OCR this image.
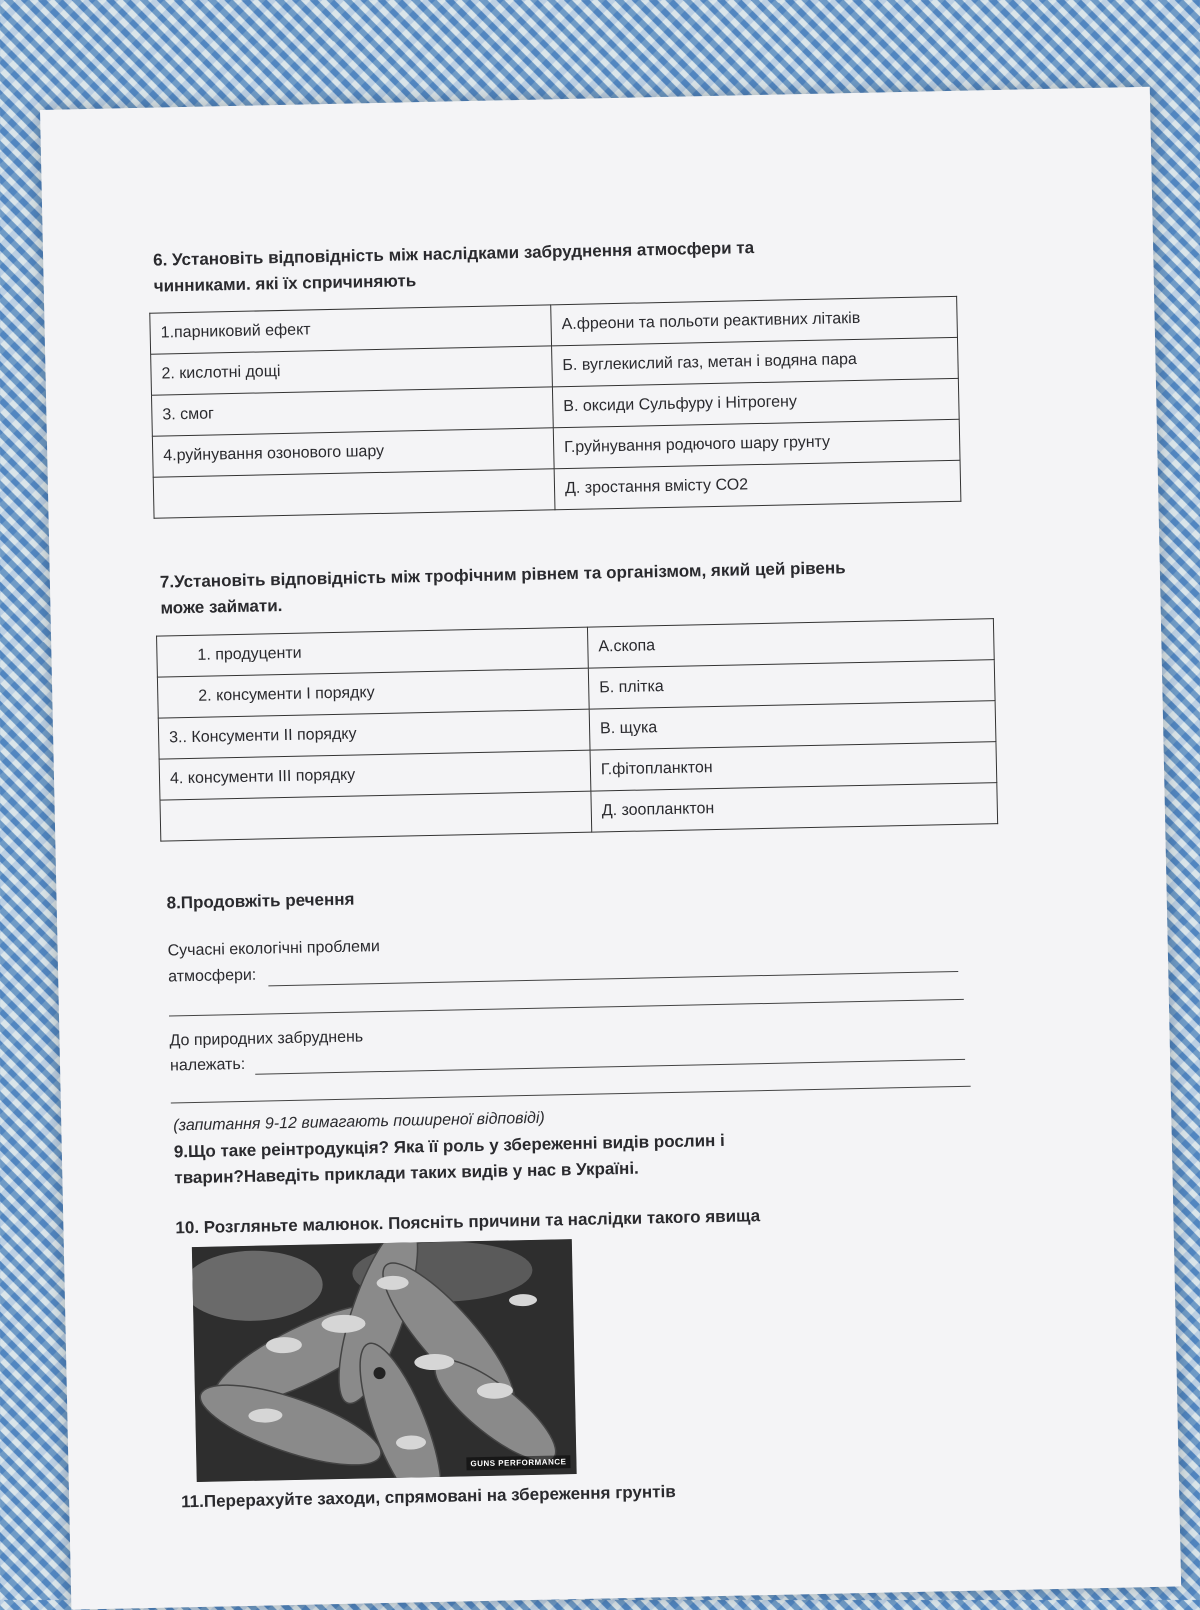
6. Установіть відповідність між наслідками забруднення атмосфери та
чинниками. які їх спричиняють
1.парниковий ефект	А.фреони та польоти реактивних літаків
2. кислотні дощі	Б. вуглекислий газ, метан і водяна пара
3. смог	В. оксиди Сульфуру і Нітрогену
4.руйнування озонового шару	Г.руйнування родючого шару грунту
	Д. зростання вмісту СО2
7.Установіть відповідність між трофічним рівнем та організмом, який цей рівень
може займати.
1. продуценти	А.скопа
2. консументи І порядку	Б. плітка
3.. Консументи ІІ порядку	В. щука
4. консументи ІІІ порядку	Г.фітопланктон
	Д. зоопланктон
8.Продовжіть речення
Сучасні екологічні проблеми
атмосфери:
До природних забруднень
належать:
(запитання 9-12 вимагають поширеної відповіді)
9.Що таке реінтродукція? Яка її роль у збереженні видів рослин і
тварин?Наведіть приклади таких видів у нас в Україні.
10. Розгляньте малюнок. Поясніть причини та наслідки такого явища
GUNS PERFORMANCE
11.Перерахуйте заходи, спрямовані на збереження грунтів
